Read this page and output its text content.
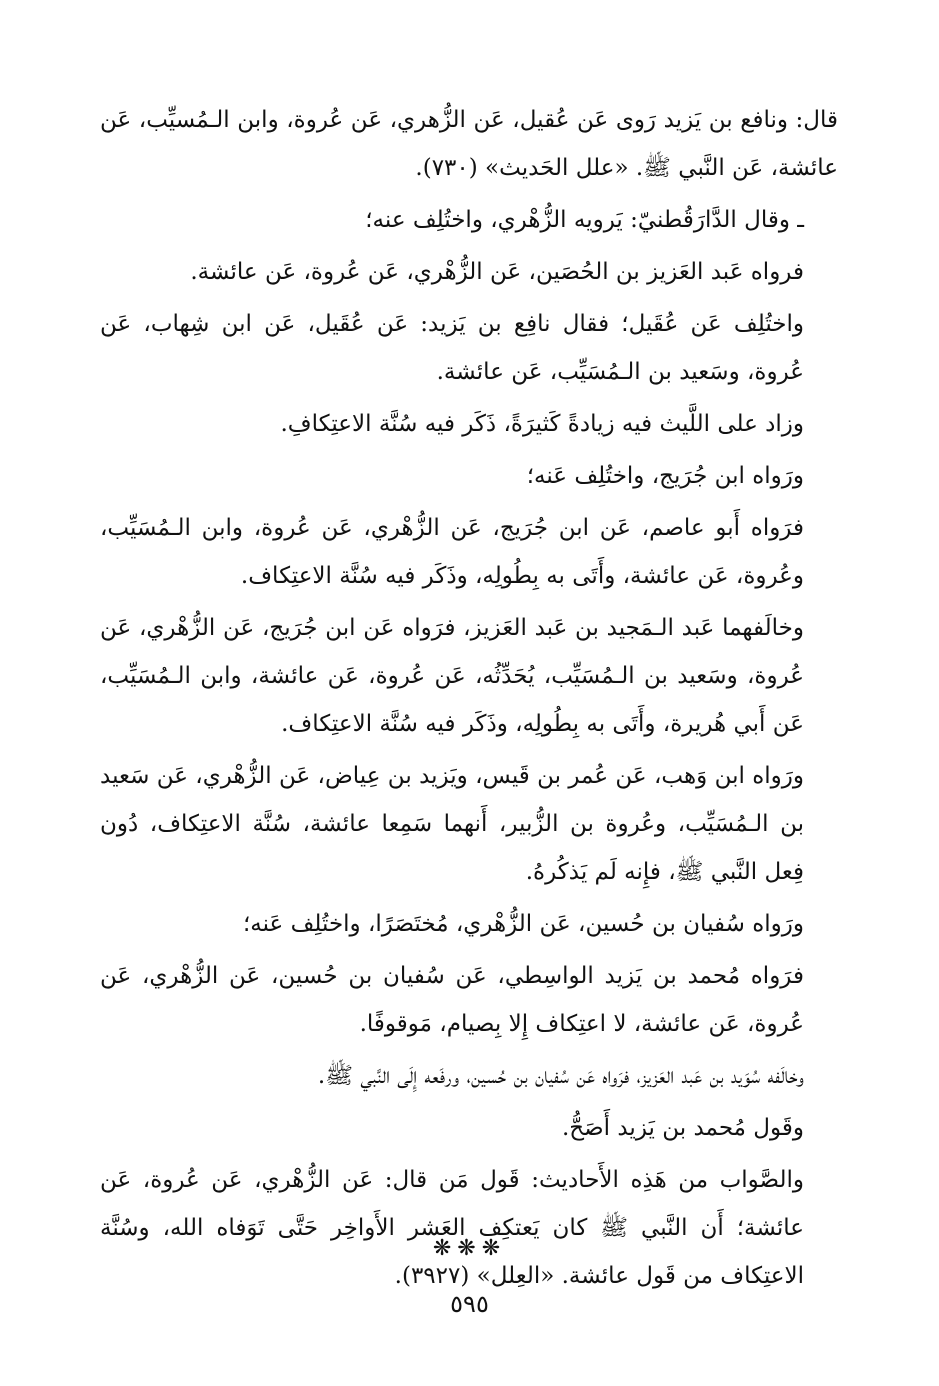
قال: ونافع بن يَزيد رَوى عَن عُقيل، عَن الزُّهري، عَن عُروة، وابن الـمُسيِّب، عَن عائشة، عَن النَّبي ﷺ. «علل الحَديث» (٧٣٠).

ـ وقال الدَّارَقُطنيّ: يَرويه الزُّهْري، واختُلِف عنه؛

فرواه عَبد العَزيز بن الحُصَين، عَن الزُّهْري، عَن عُروة، عَن عائشة.

واختُلِف عَن عُقَيل؛ فقال نافِع بن يَزيد: عَن عُقَيل، عَن ابن شِهاب، عَن عُروة، وسَعيد بن الـمُسَيِّب، عَن عائشة.

وزاد على اللَّيث فيه زيادةً كَثيرَةً، ذَكَر فيه سُنَّة الاعتِكافِ.

ورَواه ابن جُرَيج، واختُلِف عَنه؛

فرَواه أَبو عاصم، عَن ابن جُرَيج، عَن الزُّهْري، عَن عُروة، وابن الـمُسَيِّب، وعُروة، عَن عائشة، وأَتَى به بِطُولِه، وذَكَر فيه سُنَّة الاعتِكاف.

وخالَفهما عَبد الـمَجيد بن عَبد العَزيز، فرَواه عَن ابن جُرَيج، عَن الزُّهْري، عَن عُروة، وسَعيد بن الـمُسَيِّب، يُحَدِّثُه، عَن عُروة، عَن عائشة، وابن الـمُسَيِّب، عَن أَبي هُريرة، وأَتَى به بِطُولِه، وذَكَر فيه سُنَّة الاعتِكاف.

ورَواه ابن وَهب، عَن عُمر بن قَيس، ويَزيد بن عِياض، عَن الزُّهْري، عَن سَعيد بن الـمُسَيِّب، وعُروة بن الزُّبير، أَنهما سَمِعا عائشة، سُنَّة الاعتِكاف، دُون فِعل النَّبي ﷺ، فإِنه لَم يَذكُرهُ.

ورَواه سُفيان بن حُسين، عَن الزُّهْري، مُختَصَرًا، واختُلِف عَنه؛

فرَواه مُحمد بن يَزيد الواسِطي، عَن سُفيان بن حُسين، عَن الزُّهْري، عَن عُروة، عَن عائشة، لا اعتِكاف إِلا بِصيام، مَوقوفًا.

وخالَفه سُوَيد بن عَبد العَزيز، فرَواه عَن سُفيان بن حُسين، ورفَعه إِلَى النَّبي ﷺ.

وقَول مُحمد بن يَزيد أَصَحُّ.

والصَّواب من هَذِه الأَحاديث: قَول مَن قال: عَن الزُّهْري، عَن عُروة، عَن عائشة؛ أَن النَّبي ﷺ كان يَعتكِف العَشر الأَواخِر حَتَّى تَوَفاه الله، وسُنَّة الاعتِكاف من قَول عائشة. «العِلل» (٣٩٢٧).

❋❋❋
٥٩٥
